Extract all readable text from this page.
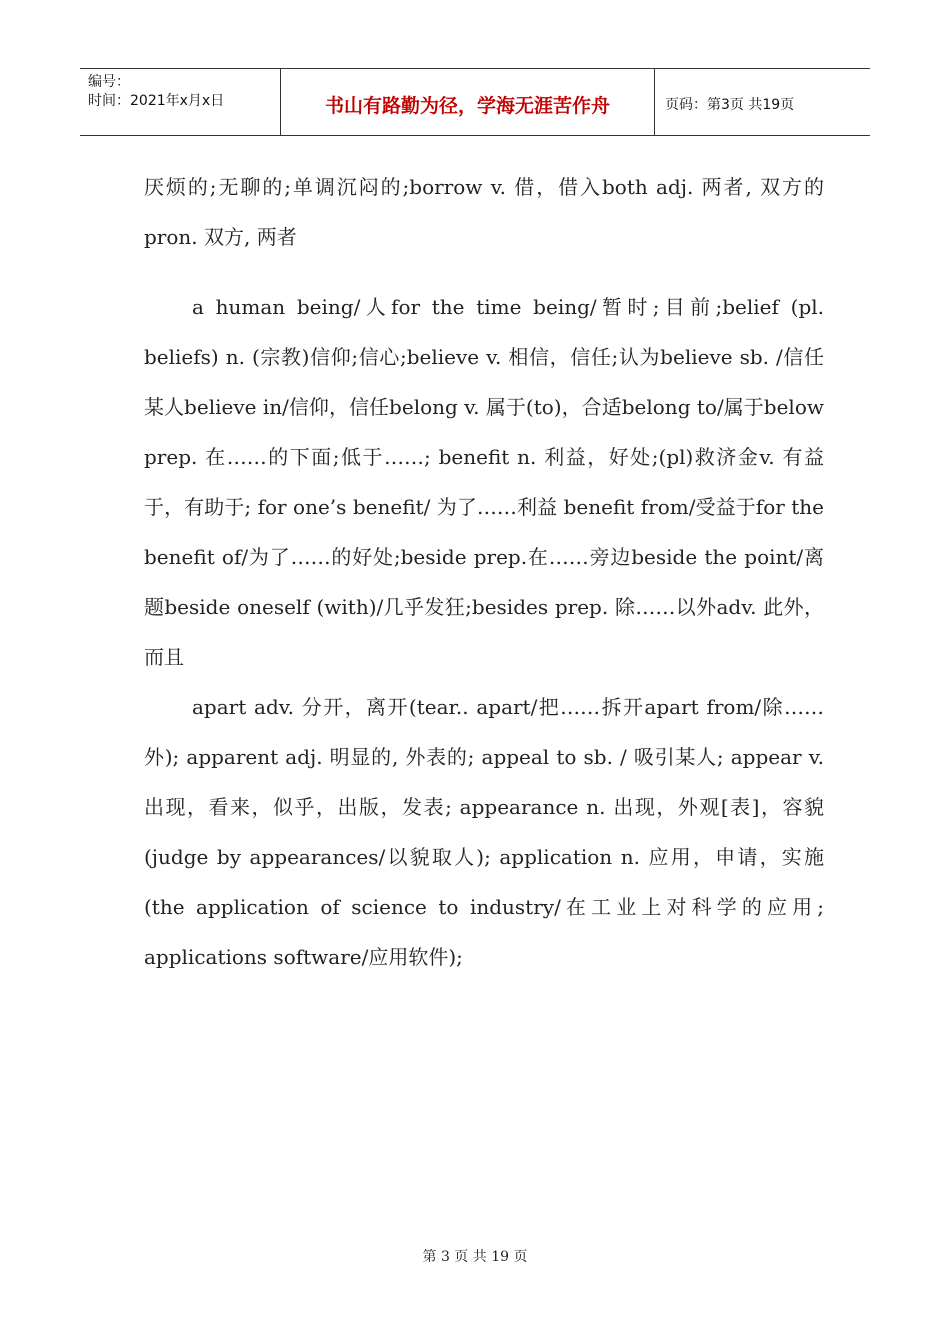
编号：
时间：2021年x月x日	书山有路勤为径，学海无涯苦作舟	页码：第3页 共19页

厌烦的;无聊的;单调沉闷的;borrow v. 借，借入both adj. 两者, 双方的 pron. 双方, 两者

a human being/人for the time being/暂时;目前;belief (pl. beliefs) n. (宗教)信仰;信心;believe v. 相信，信任;认为believe sb. /信任某人believe in/信仰，信任belong v. 属于(to)，合适belong to/属于below prep. 在……的下面;低于……; benefit n. 利益，好处;(pl)救济金v. 有益于，有助于; for one’s benefit/ 为了……利益 benefit from/受益于for the benefit of/为了……的好处;beside prep.在……旁边beside the point/离题beside oneself (with)/几乎发狂;besides prep. 除……以外adv. 此外，而且

apart adv. 分开，离开(tear.. apart/把……拆开apart from/除……外); apparent adj. 明显的, 外表的; appeal to sb. / 吸引某人; appear v. 出现，看来，似乎，出版，发表; appearance n. 出现，外观[表]，容貌(judge by appearances/以貌取人); application n. 应用，申请，实施(the application of science to industry/在工业上对科学的应用; applications software/应用软件);

第 3 页 共 19 页
